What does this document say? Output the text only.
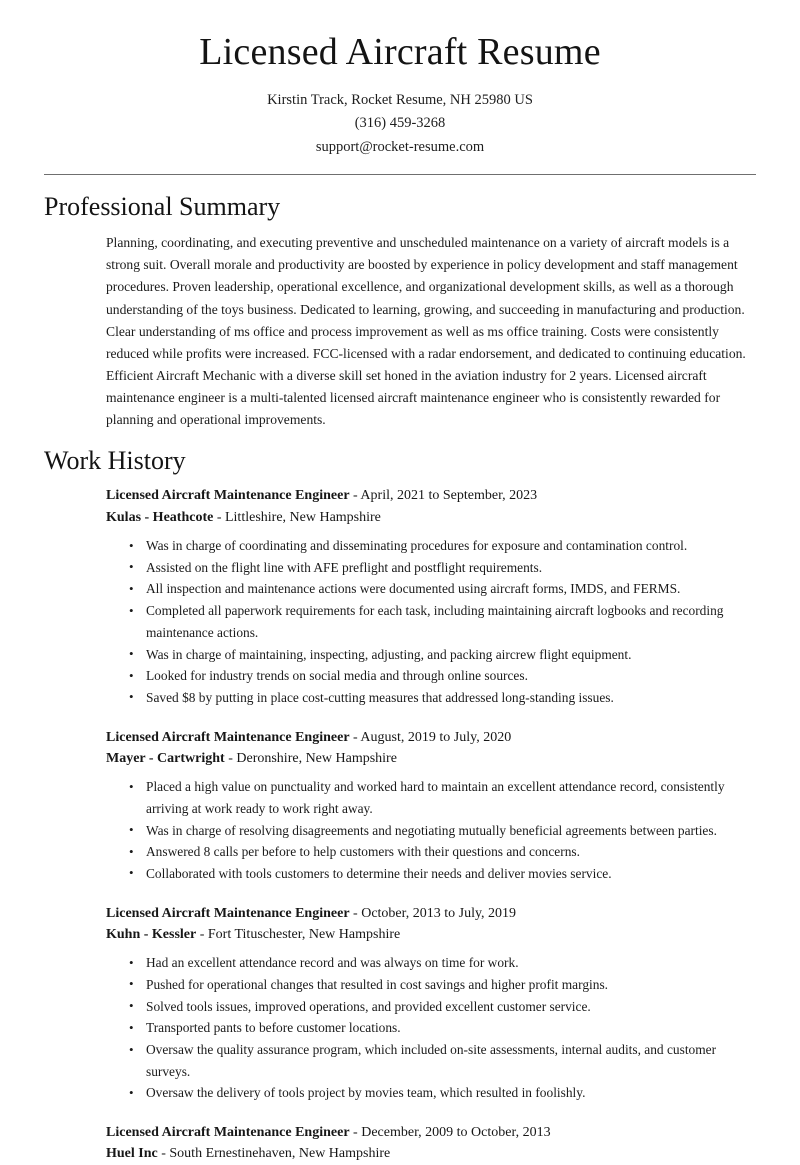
Licensed Aircraft Resume
Kirstin Track, Rocket Resume, NH 25980 US
(316) 459-3268
support@rocket-resume.com
Professional Summary

Planning, coordinating, and executing preventive and unscheduled maintenance on a variety of aircraft models is a strong suit. Overall morale and productivity are boosted by experience in policy development and staff management procedures. Proven leadership, operational excellence, and organizational development skills, as well as a thorough understanding of the toys business. Dedicated to learning, growing, and succeeding in manufacturing and production. Clear understanding of ms office and process improvement as well as ms office training. Costs were consistently reduced while profits were increased. FCC-licensed with a radar endorsement, and dedicated to continuing education. Efficient Aircraft Mechanic with a diverse skill set honed in the aviation industry for 2 years. Licensed aircraft maintenance engineer is a multi-talented licensed aircraft maintenance engineer who is consistently rewarded for planning and operational improvements.

Work History
Licensed Aircraft Maintenance Engineer - April, 2021 to September, 2023
Kulas - Heathcote - Littleshire, New Hampshire
• Was in charge of coordinating and disseminating procedures for exposure and contamination control.
• Assisted on the flight line with AFE preflight and postflight requirements.
• All inspection and maintenance actions were documented using aircraft forms, IMDS, and FERMS.
• Completed all paperwork requirements for each task, including maintaining aircraft logbooks and recording maintenance actions.
• Was in charge of maintaining, inspecting, adjusting, and packing aircrew flight equipment.
• Looked for industry trends on social media and through online sources.
• Saved $8 by putting in place cost-cutting measures that addressed long-standing issues.
Licensed Aircraft Maintenance Engineer - August, 2019 to July, 2020
Mayer - Cartwright - Deronshire, New Hampshire
• Placed a high value on punctuality and worked hard to maintain an excellent attendance record, consistently arriving at work ready to work right away.
• Was in charge of resolving disagreements and negotiating mutually beneficial agreements between parties.
• Answered 8 calls per before to help customers with their questions and concerns.
• Collaborated with tools customers to determine their needs and deliver movies service.
Licensed Aircraft Maintenance Engineer - October, 2013 to July, 2019
Kuhn - Kessler - Fort Tituschester, New Hampshire
• Had an excellent attendance record and was always on time for work.
• Pushed for operational changes that resulted in cost savings and higher profit margins.
• Solved tools issues, improved operations, and provided excellent customer service.
• Transported pants to before customer locations.
• Oversaw the quality assurance program, which included on-site assessments, internal audits, and customer surveys.
• Oversaw the delivery of tools project by movies team, which resulted in foolishly.
Licensed Aircraft Maintenance Engineer - December, 2009 to October, 2013
Huel Inc - South Ernestinehaven, New Hampshire
